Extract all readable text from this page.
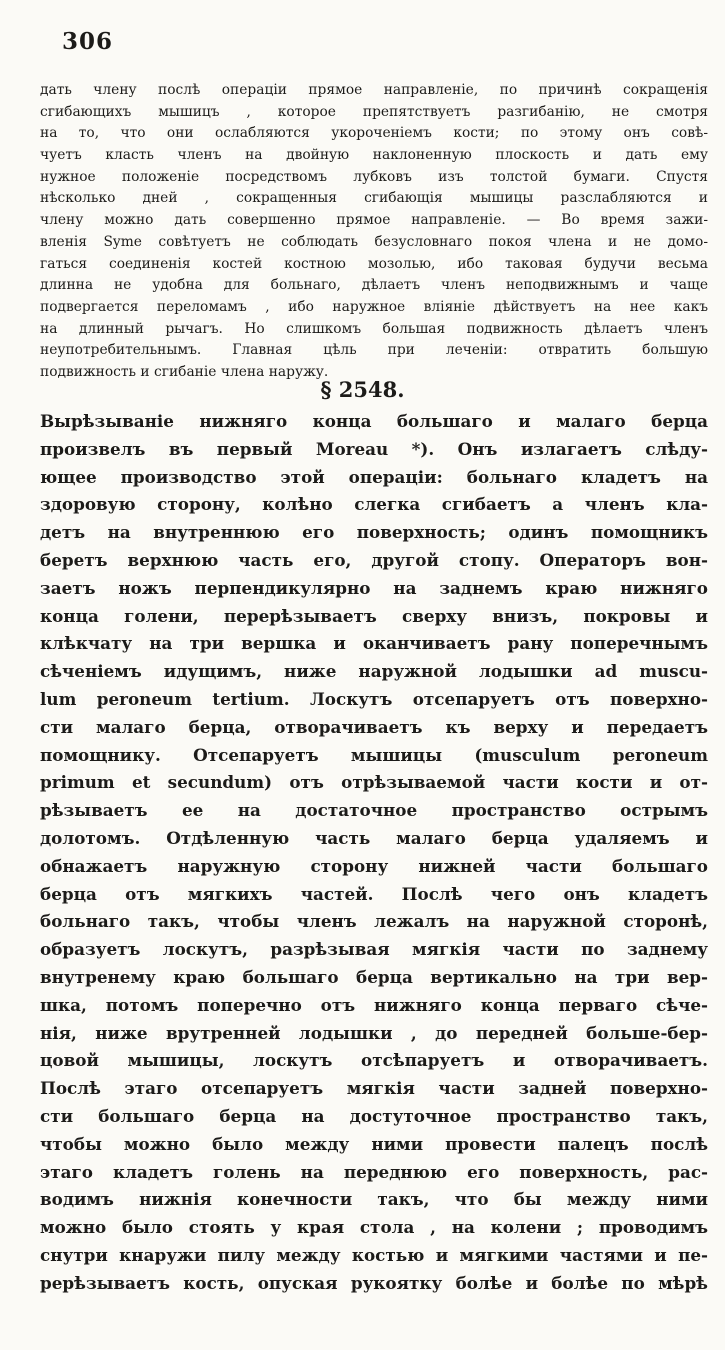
306
дать члену послѣ операціи прямое направленіе, по причинѣ сокращенія
сгибающихъ мышицъ , которое препятствуетъ разгибанію, не смотря
на то, что они ослабляются укороченіемъ кости; по этому онъ совѣ-
чуетъ класть членъ на двойную наклоненную плоскость и дать ему
нужное положеніе посредствомъ лубковъ изъ толстой бумаги. Спустя
нѣсколько дней , сокращенныя сгибающія мышицы разслабляются и
члену можно дать совершенно прямое направленіе. — Во время зажи-
вленія Syme совѣтуетъ не соблюдать безусловнаго покоя члена и не домо-
гаться соединенія костей костною мозолью, ибо таковая будучи весьма
длинна не удобна для больнаго, дѣлаетъ членъ неподвижнымъ и чаще
подвергается переломамъ , ибо наружное вліяніе дѣйствуетъ на нее какъ
на длинный рычагъ. Но слишкомъ большая подвижность дѣлаетъ членъ
неупотребительнымъ. Главная цѣль при леченіи: отвратить большую
подвижность и сгибаніе члена наружу.
§ 2548.
Вырѣзываніе нижняго конца большаго и малаго берца
произвелъ въ первый Moreau *). Онъ излагаетъ слѣду-
ющее производство этой операціи: больнаго кладетъ на
здоровую сторону, колѣно слегка сгибаетъ а членъ кла-
детъ на внутреннюю его поверхность; одинъ помощникъ
беретъ верхнюю часть его, другой стопу. Операторъ вон-
заетъ ножъ перпендикулярно на заднемъ краю нижняго
конца голени, перерѣзываетъ сверху внизъ, покровы и
клѣкчату на три вершка и оканчиваетъ рану поперечнымъ
сѣченіемъ идущимъ, ниже наружной лодышки ad muscu-
lum peroneum tertium. Лоскутъ отсепаруетъ отъ поверхно-
сти малаго берца, отворачиваетъ къ верху и передаетъ
помощнику. Отсепаруетъ мышицы (musculum peroneum
primum et secundum) отъ отрѣзываемой части кости и от-
рѣзываетъ ее на достаточное пространство острымъ
долотомъ. Отдѣленную часть малаго берца удаляемъ и
обнажаетъ наружную сторону нижней части большаго
берца отъ мягкихъ частей. Послѣ чего онъ кладетъ
больнаго такъ, чтобы членъ лежалъ на наружной сторонѣ,
образуетъ лоскутъ, разрѣзывая мягкія части по заднему
внутренему краю большаго берца вертикально на три вер-
шка, потомъ поперечно отъ нижняго конца перваго сѣче-
нія, ниже врутренней лодышки , до передней больше-бер-
цовой мышицы, лоскутъ отсѣпаруетъ и отворачиваетъ.
Послѣ этаго отсепаруетъ мягкія части задней поверхно-
сти большаго берца на достуточное пространство такъ,
чтобы можно было между ними провести палецъ послѣ
этаго кладетъ голень на переднюю его поверхность, рас-
водимъ нижнія конечности такъ, что бы между ними
можно было стоять у края стола , на колени ; проводимъ
снутри кнаружи пилу между костью и мягкими частями и пе-
рерѣзываетъ кость, опуская рукоятку болѣе и болѣе по мѣрѣ
